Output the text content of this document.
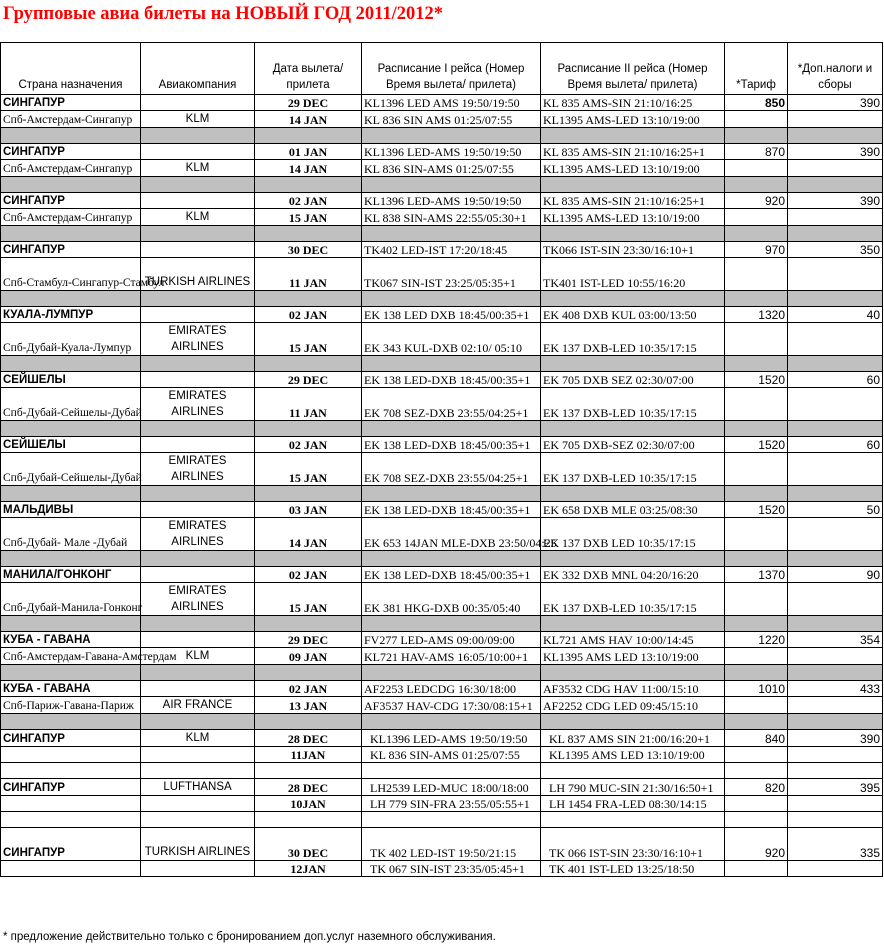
Групповые авиа билеты на НОВЫЙ ГОД 2011/2012*
Страна назначения	Авиакомпания	Дата вылета/прилета	Расписание I рейса (Номер Время вылета/ прилета)	Расписание II рейса (Номер Время вылета/ прилета)	*Тариф	*Доп.налоги и сборы
СИНГАПУР		29 DEC	KL1396 LED AMS 19:50/19:50	KL 835 AMS-SIN 21:10/16:25	850	390
Спб-Амстердам-Сингапур	KLM	14 JAN	KL 836 SIN AMS 01:25/07:55	KL1395 AMS-LED 13:10/19:00		

СИНГАПУР		01 JAN	KL1396 LED-AMS 19:50/19:50	KL 835 AMS-SIN 21:10/16:25+1	870	390
Спб-Амстердам-Сингапур	KLM	14 JAN	KL 836 SIN-AMS 01:25/07:55	KL1395 AMS-LED 13:10/19:00		

СИНГАПУР		02 JAN	KL1396 LED-AMS 19:50/19:50	KL 835 AMS-SIN 21:10/16:25+1	920	390
Спб-Амстердам-Сингапур	KLM	15 JAN	KL 838 SIN-AMS 22:55/05:30+1	KL1395 AMS-LED 13:10/19:00		

СИНГАПУР		30 DEC	TK402 LED-IST 17:20/18:45	TK066 IST-SIN 23:30/16:10+1	970	350
Спб-Стамбул-Сингапур-Стамбул	TURKISH AIRLINES	11 JAN	TK067 SIN-IST 23:25/05:35+1	TK401 IST-LED 10:55/16:20		

КУАЛА-ЛУМПУР		02 JAN	EK 138 LED DXB 18:45/00:35+1	EK 408 DXB KUL 03:00/13:50	1320	40
Спб-Дубай-Куала-Лумпур	EMIRATES AIRLINES	15 JAN	EK 343 KUL-DXB 02:10/ 05:10	EK 137 DXB-LED 10:35/17:15		

СЕЙШЕЛЫ		29 DEC	EK 138 LED-DXB 18:45/00:35+1	EK 705 DXB SEZ 02:30/07:00	1520	60
Спб-Дубай-Сейшелы-Дубай	EMIRATES AIRLINES	11 JAN	EK 708 SEZ-DXB 23:55/04:25+1	EK 137 DXB-LED 10:35/17:15		

СЕЙШЕЛЫ		02 JAN	EK 138 LED-DXB 18:45/00:35+1	EK 705 DXB-SEZ 02:30/07:00	1520	60
Спб-Дубай-Сейшелы-Дубай	EMIRATES AIRLINES	15 JAN	EK 708 SEZ-DXB 23:55/04:25+1	EK 137 DXB-LED 10:35/17:15		

МАЛЬДИВЫ		03 JAN	EK 138 LED-DXB 18:45/00:35+1	EK 658 DXB MLE 03:25/08:30	1520	50
Спб-Дубай- Мале -Дубай	EMIRATES AIRLINES	14 JAN	EK 653 14JAN MLE-DXB 23:50/04:25	EK 137 DXB LED 10:35/17:15		

МАНИЛА/ГОНКОНГ		02 JAN	EK 138 LED-DXB 18:45/00:35+1	EK 332 DXB MNL 04:20/16:20	1370	90
Спб-Дубай-Манила-Гонконг	EMIRATES AIRLINES	15 JAN	EK 381 HKG-DXB 00:35/05:40	EK 137 DXB-LED 10:35/17:15		

КУБА - ГАВАНА		29 DEC	FV277 LED-AMS 09:00/09:00	KL721 AMS HAV 10:00/14:45	1220	354
Спб-Амстердам-Гавана-Амстердам	KLM	09 JAN	KL721 HAV-AMS 16:05/10:00+1	KL1395 AMS LED 13:10/19:00		

КУБА - ГАВАНА		02 JAN	AF2253 LEDCDG 16:30/18:00	AF3532 CDG HAV 11:00/15:10	1010	433
Спб-Париж-Гавана-Париж	AIR FRANCE	13 JAN	AF3537 HAV-CDG 17:30/08:15+1	AF2252 CDG LED 09:45/15:10		

СИНГАПУР	KLM	28 DEC	KL1396 LED-AMS 19:50/19:50	KL 837 AMS SIN 21:00/16:20+1	840	390
		11JAN	KL 836 SIN-AMS 01:25/07:55	KL1395 AMS LED 13:10/19:00		

СИНГАПУР	LUFTHANSA	28 DEC	LH2539 LED-MUC 18:00/18:00	LH 790 MUC-SIN 21:30/16:50+1	820	395
		10JAN	LH 779 SIN-FRA 23:55/05:55+1	LH 1454 FRA-LED 08:30/14:15		

СИНГАПУР	TURKISH AIRLINES	30 DEC	TK 402 LED-IST 19:50/21:15	TK 066 IST-SIN 23:30/16:10+1	920	335
		12JAN	TK 067 SIN-IST 23:35/05:45+1	TK 401 IST-LED 13:25/18:50		
* предложение действительно только с бронированием доп.услуг наземного обслуживания.
